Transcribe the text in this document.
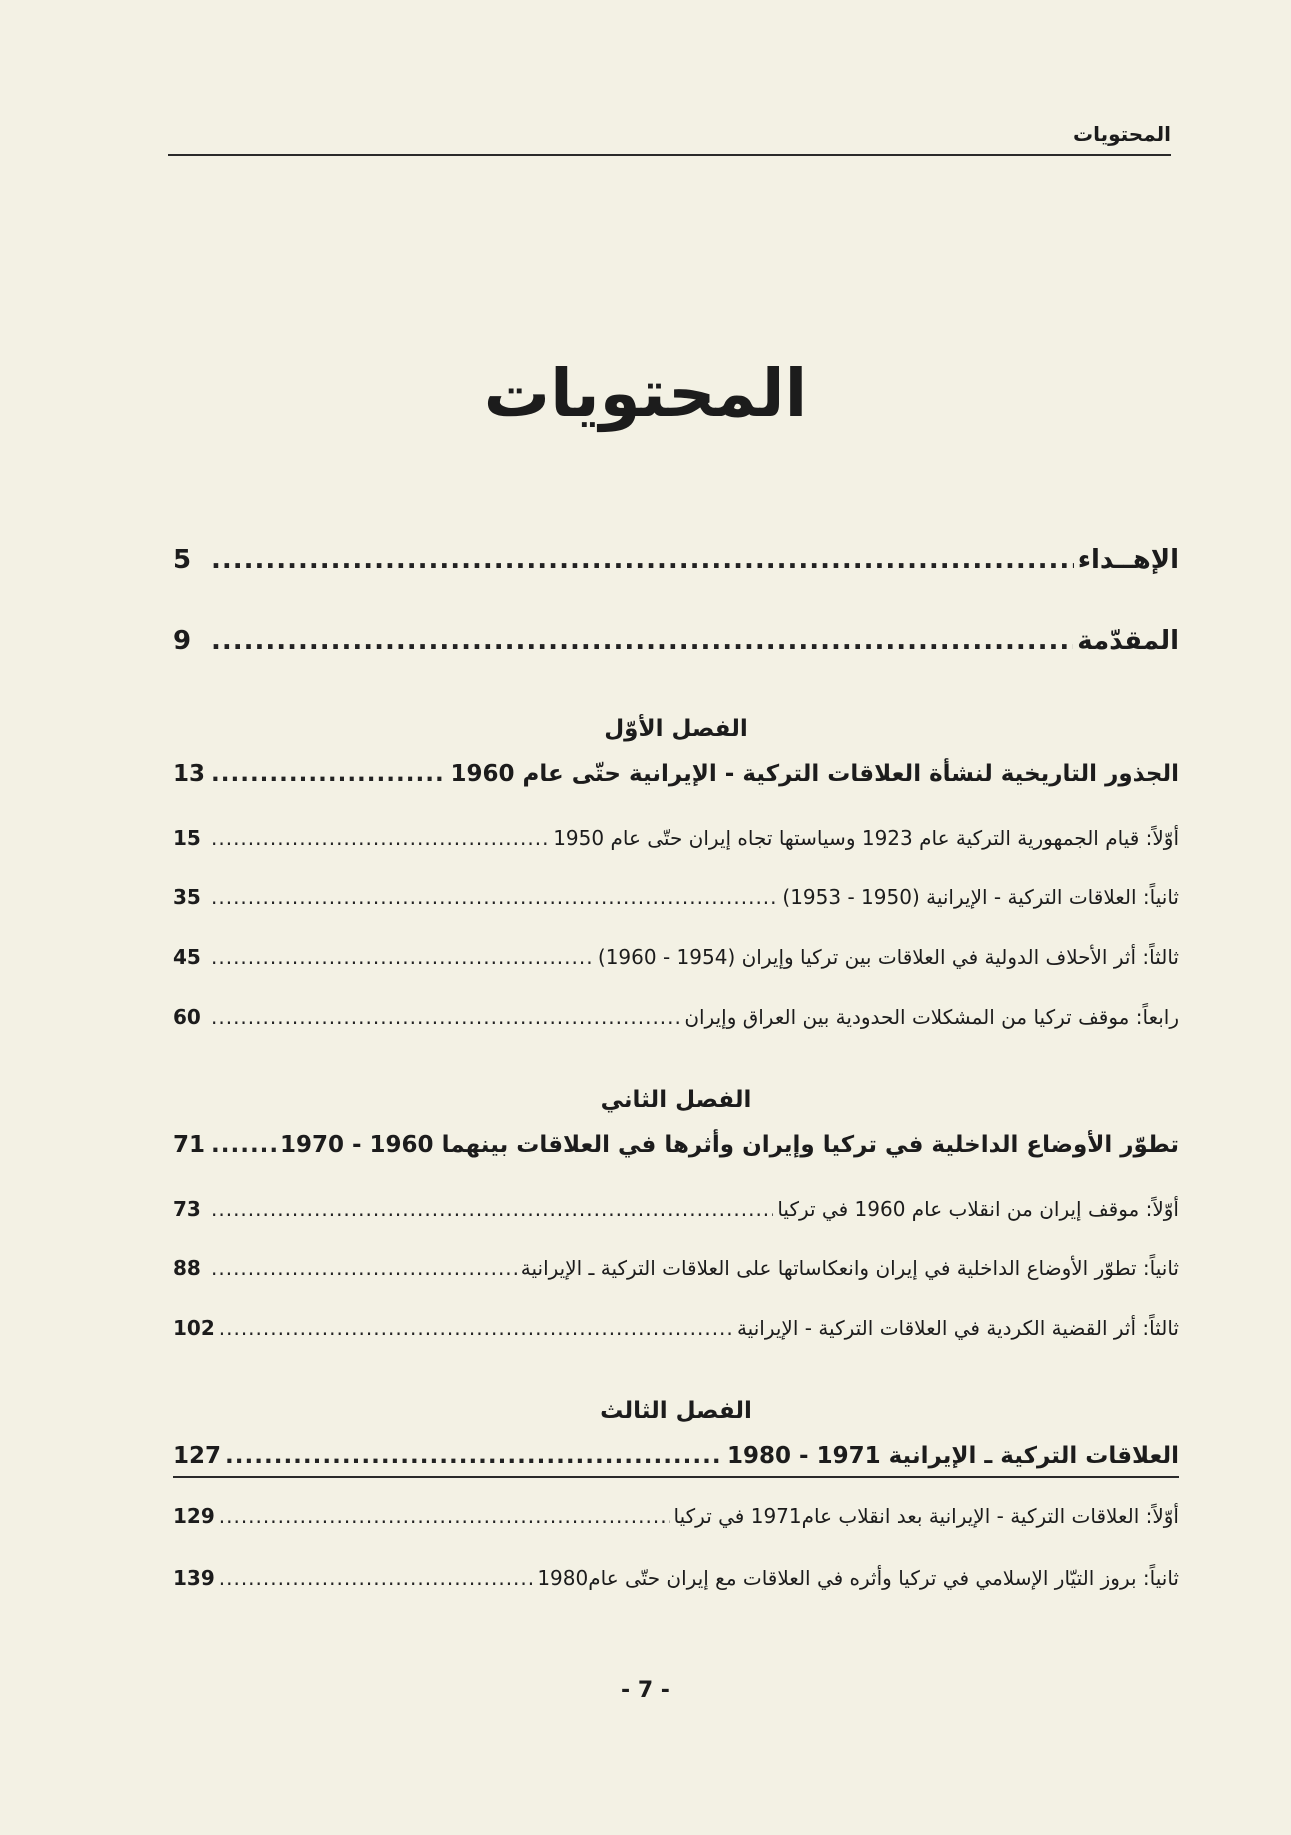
المحتويات
المحتويات
الإهــداء
.....
5
المقدّمة
.....
9
الفصل الأوّل
الجذور التاريخية لنشأة العلاقات التركية - الإيرانية حتّى عام 1960
.....
13
أوّلاً: قيام الجمهورية التركية عام 1923 وسياستها تجاه إيران حتّى عام 1950
.....
15
ثانياً: العلاقات التركية - الإيرانية (1950 - 1953)
.....
35
ثالثاً: أثر الأحلاف الدولية في العلاقات بين تركيا وإيران (1954 - 1960)
.....
45
رابعاً: موقف تركيا من المشكلات الحدودية بين العراق وإيران
.....
60
الفصل الثاني
تطوّر الأوضاع الداخلية في تركيا وإيران وأثرها في العلاقات بينهما 1960 - 1970
.....
71
أوّلاً: موقف إيران من انقلاب عام 1960 في تركيا
.....
73
ثانياً: تطوّر الأوضاع الداخلية في إيران وانعكاساتها على العلاقات التركية ـ الإيرانية
.....
88
ثالثاً: أثر القضية الكردية في العلاقات التركية - الإيرانية
.....
102
الفصل الثالث
العلاقات التركية ـ الإيرانية 1971 - 1980
.....
127
أوّلاً: العلاقات التركية - الإيرانية بعد انقلاب عام1971 في تركيا
.....
129
ثانياً: بروز التيّار الإسلامي في تركيا وأثره في العلاقات مع إيران حتّى عام1980
.....
139
- 7 -
